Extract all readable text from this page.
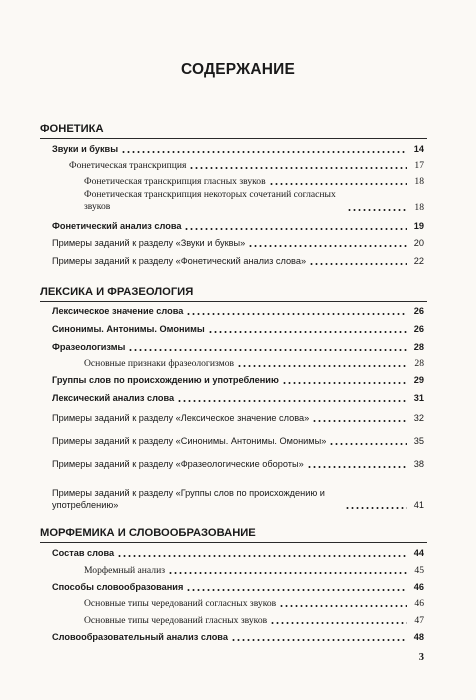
СОДЕРЖАНИЕ
ФОНЕТИКА
Звуки и буквы	14
Фонетическая транскрипция	17
Фонетическая транскрипция гласных звуков	18
Фонетическая транскрипция некоторых сочетаний согласных звуков	18
Фонетический анализ слова	19
Примеры заданий к разделу «Звуки и буквы»	20
Примеры заданий к разделу «Фонетический анализ слова»	22
ЛЕКСИКА И ФРАЗЕОЛОГИЯ
Лексическое значение слова	26
Синонимы. Антонимы. Омонимы	26
Фразеологизмы	28
Основные признаки фразеологизмов	28
Группы слов по происхождению и употреблению	29
Лексический анализ слова	31
Примеры заданий к разделу «Лексическое значение слова»	32
Примеры заданий к разделу «Синонимы. Антонимы. Омонимы»	35
Примеры заданий к разделу «Фразеологические обороты»	38
Примеры заданий к разделу «Группы слов по происхождению и употреблению»	41
МОРФЕМИКА И СЛОВООБРАЗОВАНИЕ
Состав слова	44
Морфемный анализ	45
Способы словообразования	46
Основные типы чередований согласных звуков	46
Основные типы чередований гласных звуков	47
Словообразовательный анализ слова	48
3
